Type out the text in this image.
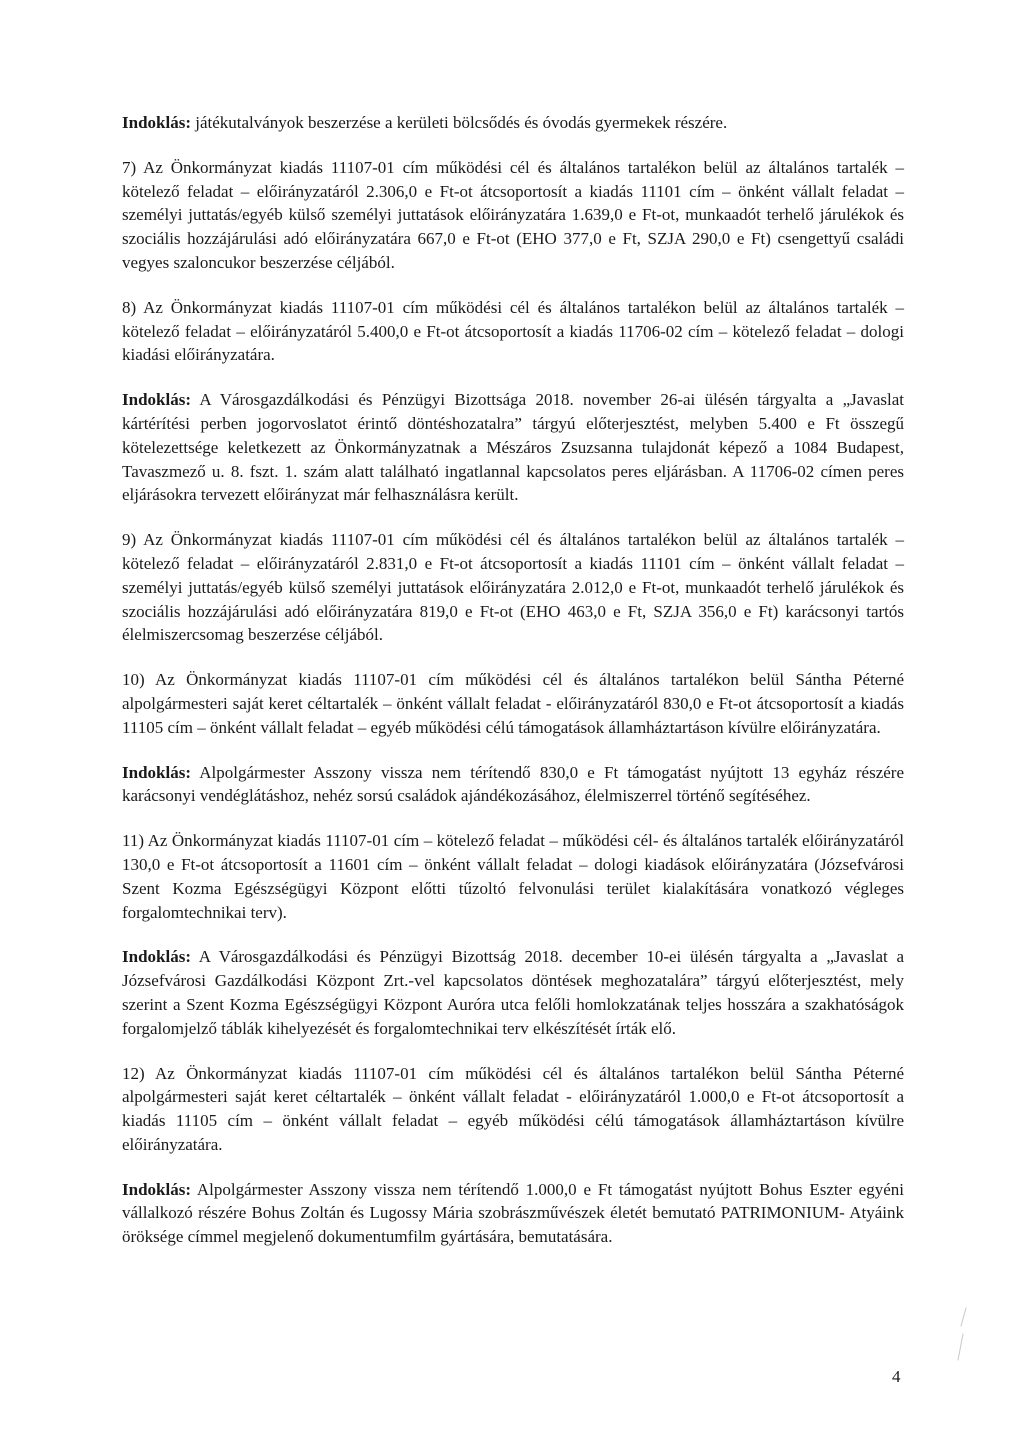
Indoklás: játékutalványok beszerzése a kerületi bölcsődés és óvodás gyermekek részére.

7) Az Önkormányzat kiadás 11107-01 cím működési cél és általános tartalékon belül az általános tartalék – kötelező feladat – előirányzatáról 2.306,0 e Ft-ot átcsoportosít a kiadás 11101 cím – önként vállalt feladat – személyi juttatás/egyéb külső személyi juttatások előirányzatára 1.639,0 e Ft-ot, munkaadót terhelő járulékok és szociális hozzájárulási adó előirányzatára 667,0 e Ft-ot (EHO 377,0 e Ft, SZJA 290,0 e Ft) csengettyű családi vegyes szaloncukor beszerzése céljából.

8) Az Önkormányzat kiadás 11107-01 cím működési cél és általános tartalékon belül az általános tartalék – kötelező feladat – előirányzatáról 5.400,0 e Ft-ot átcsoportosít a kiadás 11706-02 cím – kötelező feladat – dologi kiadási előirányzatára.

Indoklás: A Városgazdálkodási és Pénzügyi Bizottsága 2018. november 26-ai ülésén tárgyalta a „Javaslat kártérítési perben jogorvoslatot érintő döntéshozatalra” tárgyú előterjesztést, melyben 5.400 e Ft összegű kötelezettsége keletkezett az Önkormányzatnak a Mészáros Zsuzsanna tulajdonát képező a 1084 Budapest, Tavaszmező u. 8. fszt. 1. szám alatt található ingatlannal kapcsolatos peres eljárásban. A 11706-02 címen peres eljárásokra tervezett előirányzat már felhasználásra került.

9) Az Önkormányzat kiadás 11107-01 cím működési cél és általános tartalékon belül az általános tartalék – kötelező feladat – előirányzatáról 2.831,0 e Ft-ot átcsoportosít a kiadás 11101 cím – önként vállalt feladat – személyi juttatás/egyéb külső személyi juttatások előirányzatára 2.012,0 e Ft-ot, munkaadót terhelő járulékok és szociális hozzájárulási adó előirányzatára 819,0 e Ft-ot (EHO 463,0 e Ft, SZJA 356,0 e Ft) karácsonyi tartós élelmiszercsomag beszerzése céljából.

10) Az Önkormányzat kiadás 11107-01 cím működési cél és általános tartalékon belül Sántha Péterné alpolgármesteri saját keret céltartalék – önként vállalt feladat - előirányzatáról 830,0 e Ft-ot átcsoportosít a kiadás 11105 cím – önként vállalt feladat – egyéb működési célú támogatások államháztartáson kívülre előirányzatára.

Indoklás: Alpolgármester Asszony vissza nem térítendő 830,0 e Ft támogatást nyújtott 13 egyház részére karácsonyi vendéglátáshoz, nehéz sorsú családok ajándékozásához, élelmiszerrel történő segítéséhez.

11) Az Önkormányzat kiadás 11107-01 cím – kötelező feladat – működési cél- és általános tartalék előirányzatáról 130,0 e Ft-ot átcsoportosít a 11601 cím – önként vállalt feladat – dologi kiadások előirányzatára (Józsefvárosi Szent Kozma Egészségügyi Központ előtti tűzoltó felvonulási terület kialakítására vonatkozó végleges forgalomtechnikai terv).

Indoklás: A Városgazdálkodási és Pénzügyi Bizottság 2018. december 10-ei ülésén tárgyalta a „Javaslat a Józsefvárosi Gazdálkodási Központ Zrt.-vel kapcsolatos döntések meghozatalára” tárgyú előterjesztést, mely szerint a Szent Kozma Egészségügyi Központ Auróra utca felőli homlokzatának teljes hosszára a szakhatóságok forgalomjelző táblák kihelyezését és forgalomtechnikai terv elkészítését írták elő.

12) Az Önkormányzat kiadás 11107-01 cím működési cél és általános tartalékon belül Sántha Péterné alpolgármesteri saját keret céltartalék – önként vállalt feladat - előirányzatáról 1.000,0 e Ft-ot átcsoportosít a kiadás 11105 cím – önként vállalt feladat – egyéb működési célú támogatások államháztartáson kívülre előirányzatára.

Indoklás: Alpolgármester Asszony vissza nem térítendő 1.000,0 e Ft támogatást nyújtott Bohus Eszter egyéni vállalkozó részére Bohus Zoltán és Lugossy Mária szobrászművészek életét bemutató PATRIMONIUM- Atyáink öröksége címmel megjelenő dokumentumfilm gyártására, bemutatására.

4
